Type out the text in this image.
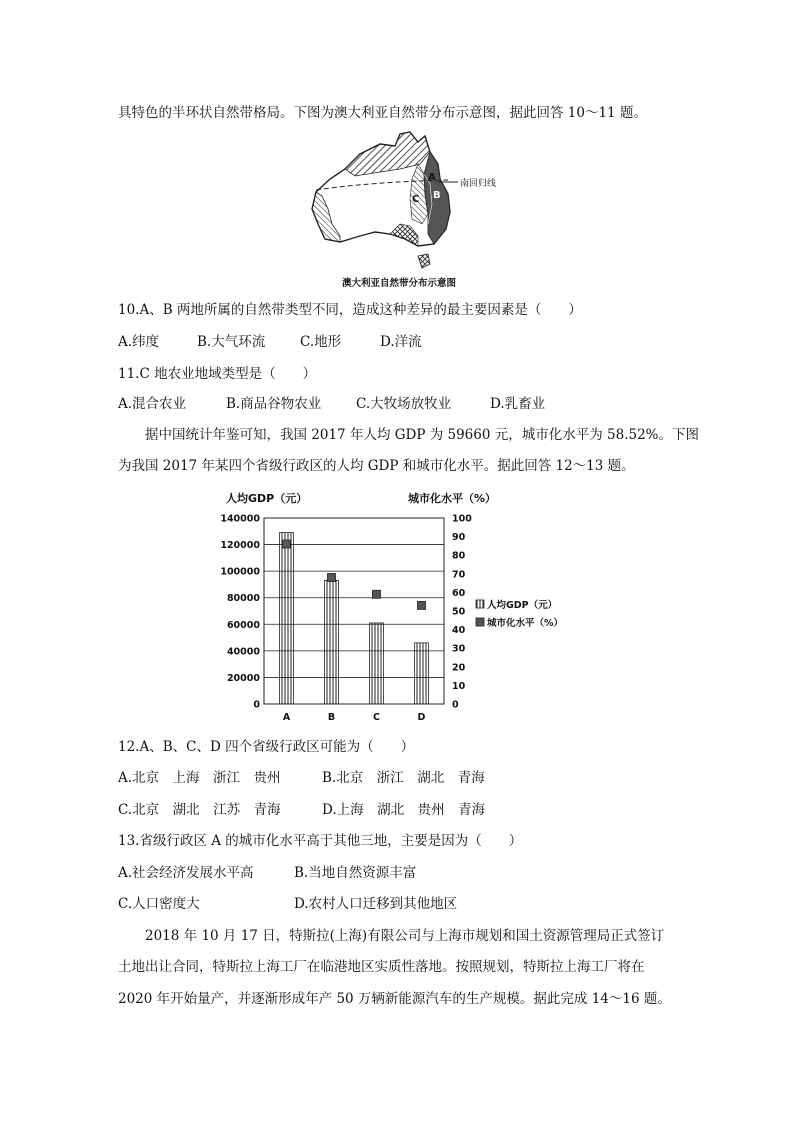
具特色的半环状自然带格局。下图为澳大利亚自然带分布示意图，据此回答 10～11 题。
南回归线
A
B
C
澳大利亚自然带分布示意图
10.A、B 两地所属的自然带类型不同，造成这种差异的最主要因素是（　　）
A.纬度	B.大气环流	C.地形	D.洋流
11.C 地农业地域类型是（　　）
A.混合农业	B.商品谷物农业	C.大牧场放牧业	D.乳畜业
据中国统计年鉴可知，我国 2017 年人均 GDP 为 59660 元，城市化水平为 58.52%。下图
为我国 2017 年某四个省级行政区的人均 GDP 和城市化水平。据此回答 12～13 题。
人均GDP（元）	城市化水平（%）
140000
120000
100000
80000
60000
40000
20000
0
100
90
80
70
60
50
40
30
20
10
0
A	B	C	D
人均GDP（元）
城市化水平（%）
12.A、B、C、D 四个省级行政区可能为（　　）
A.北京　上海　浙江　贵州	B.北京　浙江　湖北　青海
C.北京　湖北　江苏　青海	D.上海　湖北　贵州　青海
13.省级行政区 A 的城市化水平高于其他三地，主要是因为（　　）
A.社会经济发展水平高	B.当地自然资源丰富
C.人口密度大	D.农村人口迁移到其他地区
2018 年 10 月 17 日，特斯拉(上海)有限公司与上海市规划和国土资源管理局正式签订
土地出让合同，特斯拉上海工厂在临港地区实质性落地。按照规划，特斯拉上海工厂将在
2020 年开始量产，并逐渐形成年产 50 万辆新能源汽车的生产规模。据此完成 14～16 题。
